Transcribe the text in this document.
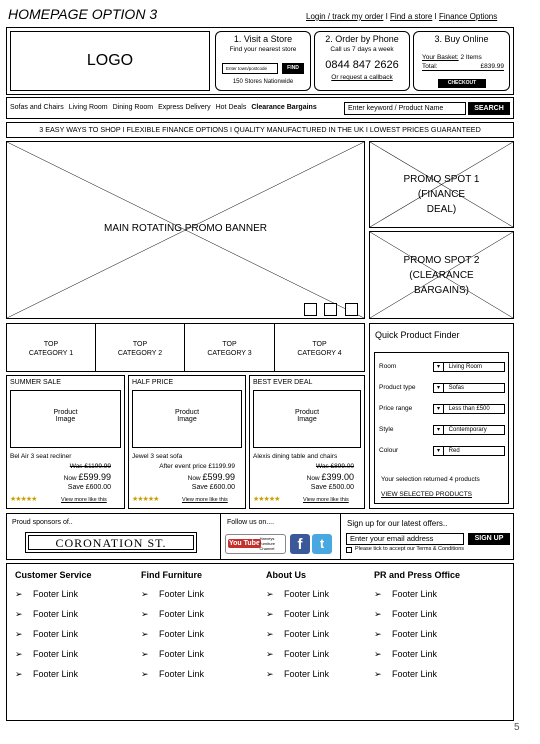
HOMEPAGE OPTION 3	Login / track my order I Find a store I Finance Options
LOGO
1. Visit a Store
Find your nearest store
Enter town/postcode	FIND
150 Stores Nationwide
2. Order by Phone
Call us 7 days a week
0844 847 2626
Or request a callback
3. Buy Online
Your Basket: 2 Items
Total:	£839.99
CHECKOUT
Sofas and Chairs Living Room Dining Room Express Delivery Hot Deals Clearance Bargains	Enter keyword / Product Name	SEARCH
3 EASY WAYS TO SHOP I FLEXIBLE FINANCE OPTIONS I QUALITY MANUFACTURED IN THE UK I LOWEST PRICES GUARANTEED
MAIN ROTATING PROMO BANNER
PROMO SPOT 1
(FINANCE
DEAL)
PROMO SPOT 2
(CLEARANCE
BARGAINS)
TOP
CATEGORY 1
TOP
CATEGORY 2
TOP
CATEGORY 3
TOP
CATEGORY 4
SUMMER SALE
Product
Image
Bel Air 3 seat recliner
Was £1199.99
Now £599.99
Save £600.00
★★★★★	View more like this
HALF PRICE
Product
Image
Jewel 3 seat sofa
After event price £1199.99
Now £599.99
Save £600.00
★★★★★	View more like this
BEST EVER DEAL
Product
Image
Alexis dining table and chairs
Was £899.00
Now £399.00
Save £500.00
★★★★★	View more like this
Quick Product Finder
Room	▾ Living Room
Product type	▾ Sofas
Price range	▾ Less than £500
Style	▾ Contemporary
Colour	▾ Red
Your selection returned 4 products
VIEW SELECTED PRODUCTS
Proud sponsors of..
CORONATION ST.
Follow us on....
You Tube
Harveys
Furniture
Channel	f	t
Sign up for our latest offers..
Enter your email address	SIGN UP
Please tick to accept our Terms & Conditions
Customer Service
➢ Footer Link
➢ Footer Link
➢ Footer Link
➢ Footer Link
➢ Footer Link
Find Furniture
➢ Footer Link
➢ Footer Link
➢ Footer Link
➢ Footer Link
➢ Footer Link
About Us
➢ Footer Link
➢ Footer Link
➢ Footer Link
➢ Footer Link
➢ Footer Link
PR and Press Office
➢ Footer Link
➢ Footer Link
➢ Footer Link
➢ Footer Link
➢ Footer Link
5
